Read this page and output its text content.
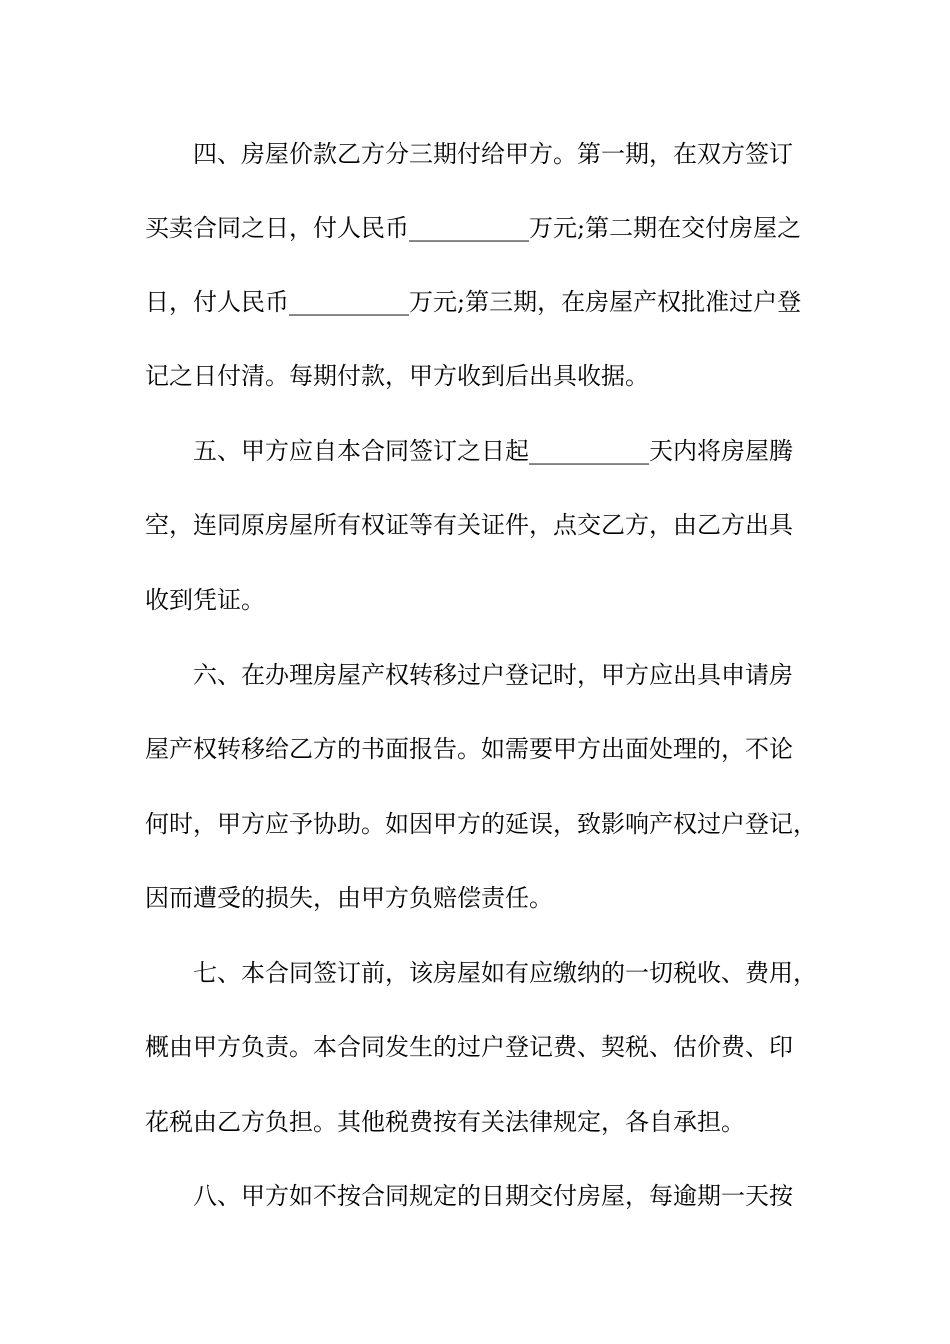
四、房屋价款乙方分三期付给甲方。第一期，在双方签订
买卖合同之日，付人民币__________万元;第二期在交付房屋之
日，付人民币__________万元;第三期，在房屋产权批准过户登
记之日付清。每期付款，甲方收到后出具收据。
五、甲方应自本合同签订之日起__________天内将房屋腾
空，连同原房屋所有权证等有关证件，点交乙方，由乙方出具
收到凭证。
六、在办理房屋产权转移过户登记时，甲方应出具申请房
屋产权转移给乙方的书面报告。如需要甲方出面处理的，不论
何时，甲方应予协助。如因甲方的延误，致影响产权过户登记，
因而遭受的损失，由甲方负赔偿责任。
七、本合同签订前，该房屋如有应缴纳的一切税收、费用，
概由甲方负责。本合同发生的过户登记费、契税、估价费、印
花税由乙方负担。其他税费按有关法律规定，各自承担。
八、甲方如不按合同规定的日期交付房屋，每逾期一天按
